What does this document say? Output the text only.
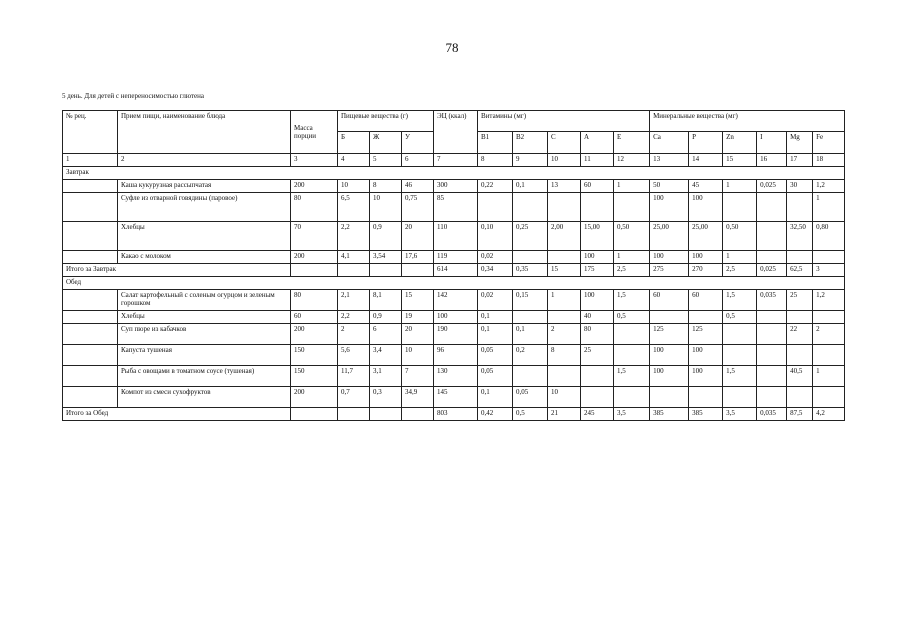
78
5 день. Для детей с непереносимостью глютена
№ рец.	Прием пищи, наименование блюда	Масса порции	Пищевые вещества (г)			ЭЦ (ккал)	Витамины (мг)					Минеральные вещества (мг)					
			Б	Ж	У		B1	B2	C	A	E	Ca	P	Zn	I	Mg	Fe
1	2	3	4	5	6	7	8	9	10	11	12	13	14	15	16	17	18
Завтрак																	
	Каша кукурузная рассыпчатая	200	10	8	46	300	0,22	0,1	13	60	1	50	45	1	0,025	30	1,2
	Суфле из отварной говядины (паровое)	80	6,5	10	0,75	85						100	100				1
	Хлебцы	70	2,2	0,9	20	110	0,10	0,25	2,00	15,00	0,50	25,00	25,00	0,50		32,50	0,80
	Какао с молоком	200	4,1	3,54	17,6	119	0,02			100	1	100	100	1			
Итого за Завтрак						614	0,34	0,35	15	175	2,5	275	270	2,5	0,025	62,5	3
Обед																	
	Салат картофельный с соленым огурцом и зеленым горошком	80	2,1	8,1	15	142	0,02	0,15	1	100	1,5	60	60	1,5	0,035	25	1,2
	Хлебцы	60	2,2	0,9	19	100	0,1			40	0,5			0,5			
	Суп пюре из кабачков	200	2	6	20	190	0,1	0,1	2	80		125	125			22	2
	Капуста тушеная	150	5,6	3,4	10	96	0,05	0,2	8	25		100	100				
	Рыба с овощами в томатном соусе (тушеная)	150	11,7	3,1	7	130	0,05				1,5	100	100	1,5		40,5	1
	Компот из смеси сухофруктов	200	0,7	0,3	34,9	145	0,1	0,05	10								
Итого за Обед						803	0,42	0,5	21	245	3,5	385	385	3,5	0,035	87,5	4,2
